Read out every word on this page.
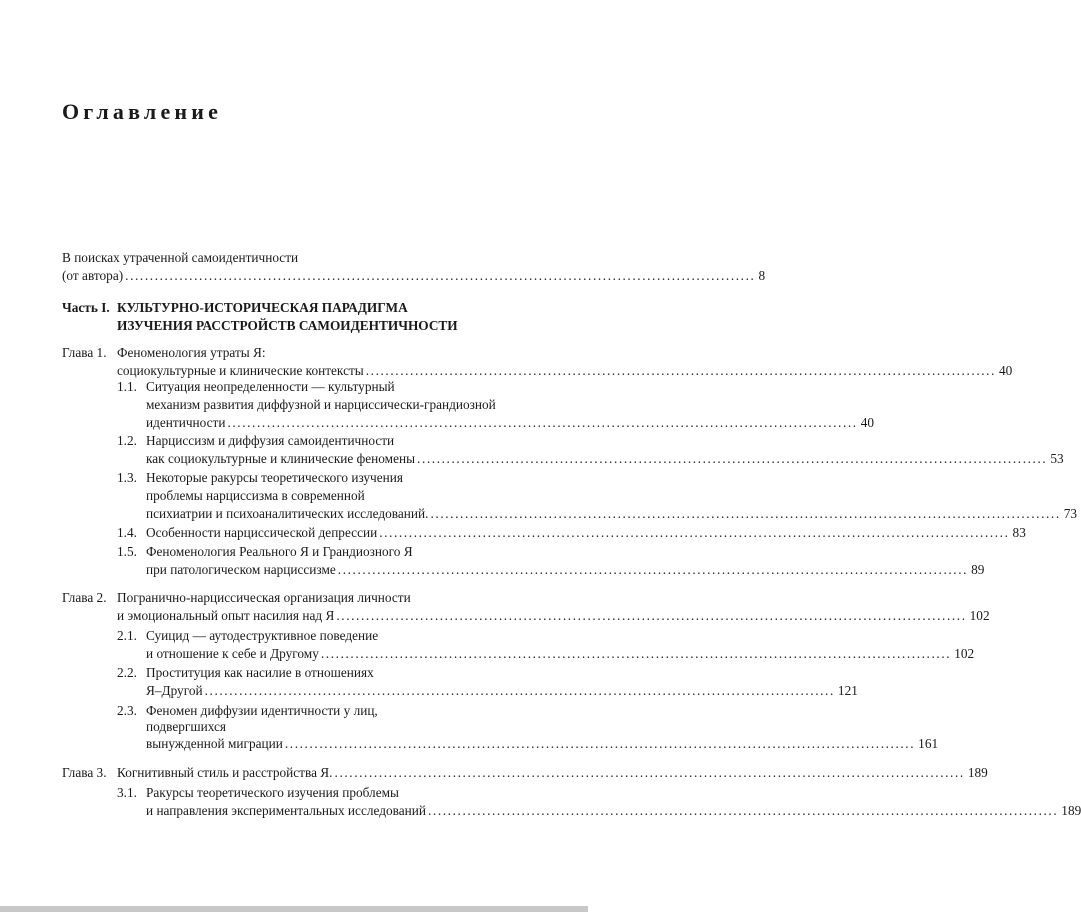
Оглавление
В поисках утраченной самоидентичности
(от автора) ................................................................................................................................ 8
Часть I. КУЛЬТУРНО-ИСТОРИЧЕСКАЯ ПАРАДИГМА
ИЗУЧЕНИЯ РАССТРОЙСТВ САМОИДЕНТИЧНОСТИ
Глава 1. Феноменология утраты Я:
социокультурные и клинические контексты ................................................................................................................................ 40
1.1. Ситуация неопределенности — культурный
механизм развития диффузной и нарциссически-грандиозной
идентичности ................................................................................................................................ 40
1.2. Нарциссизм и диффузия самоидентичности
как социокультурные и клинические феномены ................................................................................................................................ 53
1.3. Некоторые ракурсы теоретического изучения
проблемы нарциссизма в современной
психиатрии и психоаналитических исследований. ................................................................................................................................ 73
1.4. Особенности нарциссической депрессии ................................................................................................................................ 83
1.5. Феноменология Реального Я и Грандиозного Я
при патологическом нарциссизме ................................................................................................................................ 89
Глава 2. Погранично-нарциссическая организация личности
и эмоциональный опыт насилия над Я ................................................................................................................................ 102
2.1. Суицид — аутодеструктивное поведение
и отношение к себе и Другому ................................................................................................................................ 102
2.2. Проституция как насилие в отношениях
Я–Другой ................................................................................................................................ 121
2.3. Феномен диффузии идентичности у лиц,
подвергшихся
вынужденной миграции ................................................................................................................................ 161
Глава 3. Когнитивный стиль и расстройства Я. ................................................................................................................................ 189
3.1. Ракурсы теоретического изучения проблемы
и направления экспериментальных исследований ................................................................................................................................ 189
